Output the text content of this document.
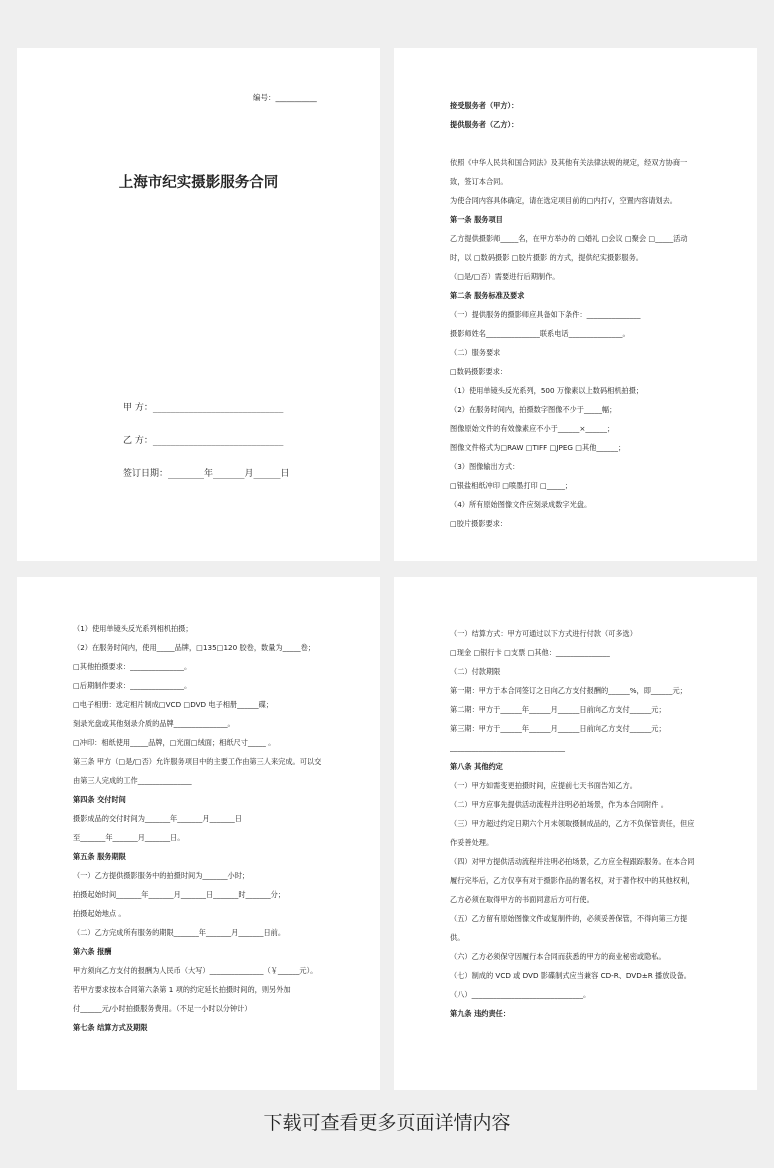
编号：___________
上海市纪实摄影服务合同
甲 方：_____________________________
乙 方：_____________________________
签订日期：________年_______月______日
接受服务者（甲方）：
提供服务者（乙方）：
依照《中华人民共和国合同法》及其他有关法律法规的规定，经双方协商一
致，签订本合同。
为使合同内容具体确定，请在选定项目前的□内打√，空置内容请划去。
第一条 服务项目
乙方提供摄影师_____名，在甲方举办的 □婚礼 □会议 □聚会 □_____活动
时，以 □数码摄影 □胶片摄影 的方式，提供纪实摄影服务。
（□是/□否）需要进行后期制作。
第二条 服务标准及要求
（一）提供服务的摄影师应具备如下条件：_______________
摄影师姓名_______________联系电话_______________。
（二）服务要求
□数码摄影要求：
（1）使用单镜头反光系列，500 万像素以上数码相机拍摄；
（2）在服务时间内，拍摄数字图像不少于_____幅；
图像原始文件的有效像素应不小于______×______；
图像文件格式为□RAW □TIFF □JPEG □其他______；
（3）图像输出方式：
□银盐相纸冲印 □喷墨打印 □_____；
（4）所有原始图像文件应刻录成数字光盘。
□胶片摄影要求：
（1）使用单镜头反光系列相机拍摄；
（2）在服务时间内，使用_____品牌，□135□120 胶卷，数量为_____卷；
□其他拍摄要求：_______________。
□后期制作要求：_______________。
□电子相册：选定相片制成□VCD □DVD 电子相册______碟；
刻录光盘或其他刻录介质的品牌_______________。
□冲印：相纸使用_____品牌，□光面□绒面；相纸尺寸_____ 。
第三条 甲方（□是/□否）允许服务项目中的主要工作由第三人来完成。可以交
由第三人完成的工作_______________
第四条 交付时间
摄影成品的交付时间为_______年_______月_______日
至_______年_______月_______日。
第五条 服务期限
（一）乙方提供摄影服务中的拍摄时间为_______小时；
拍摄起始时间_______年_______月_______日_______时_______分；
拍摄起始地点 。
（二）乙方完成所有服务的期限_______年_______月_______日前。
第六条 报酬
甲方须向乙方支付的报酬为人民币（大写）_______________（￥______元）。
若甲方要求按本合同第六条第 1 项的约定延长拍摄时间的，则另外加
付______元/小时拍摄服务费用。（不足一小时以分钟计）
第七条 结算方式及期限
（一）结算方式：甲方可通过以下方式进行付款（可多选）
□现金 □银行卡 □支票 □其他：_______________
（二）付款期限
第一期：甲方于本合同签订之日向乙方支付报酬的______%，即______元；
第二期：甲方于______年______月______日前向乙方支付______元；
第三期：甲方于______年______月______日前向乙方支付______元；
________________________________
第八条 其他约定
（一）甲方如需变更拍摄时间，应提前七天书面告知乙方。
（二）甲方应事先提供活动流程并注明必拍场景，作为本合同附件 。
（三）甲方超过约定日期六个月未领取摄制成品的，乙方不负保管责任，但应
作妥善处理。
（四）对甲方提供活动流程并注明必拍场景，乙方应全程跟踪服务。在本合同
履行完毕后，乙方仅享有对于摄影作品的署名权，对于著作权中的其他权利，
乙方必须在取得甲方的书面同意后方可行使。
（五）乙方留有原始图像文件或复制件的，必须妥善保管，不得向第三方提
供。
（六）乙方必须保守因履行本合同而获悉的甲方的商业秘密或隐私。
（七）制成的 VCD 或 DVD 影碟制式应当兼容 CD-R、DVD±R 播放设备。
（八）_______________________________。
第九条 违约责任：
下载可查看更多页面详情内容
